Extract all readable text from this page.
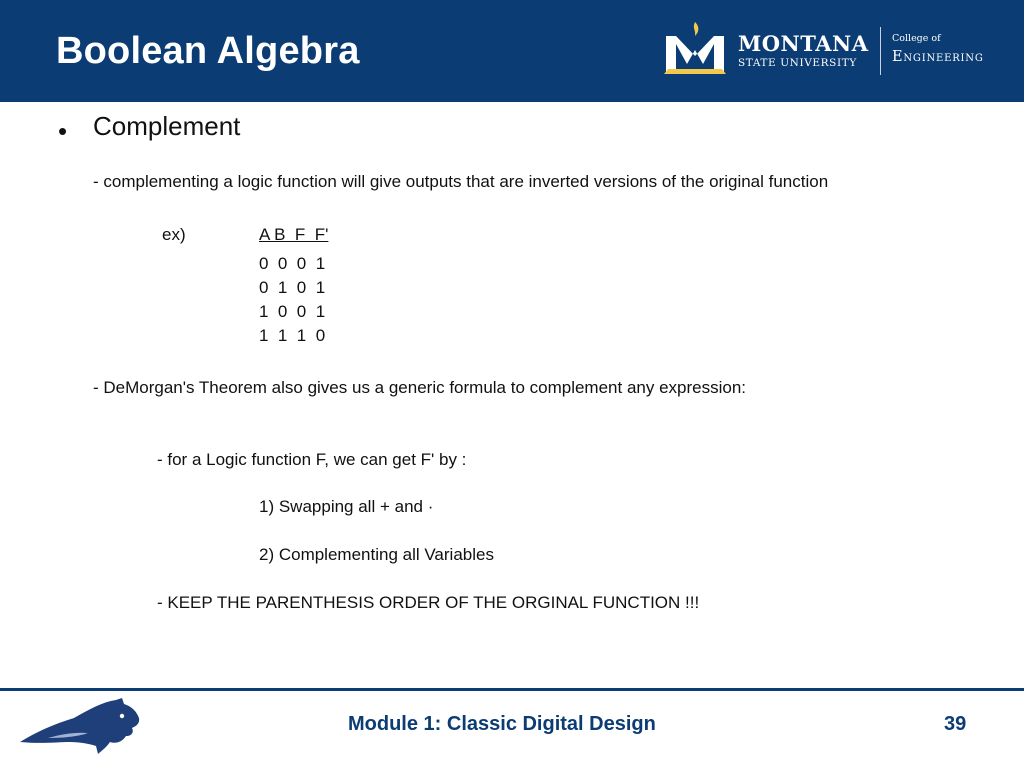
Boolean Algebra	MONTANA
STATE UNIVERSITY
College of
Engineering
• Complement
- complementing a logic function will give outputs that are inverted versions of the original function
ex)	A B  F  F'
0  0  0  1
0  1  0  1
1  0  0  1
1  1  1  0
- DeMorgan's Theorem also gives us a generic formula to complement any expression:
- for a Logic function F, we can get F' by :
1) Swapping all + and ·
2) Complementing all Variables
- KEEP THE PARENTHESIS ORDER OF THE ORGINAL FUNCTION !!!
Module 1: Classic Digital Design	39
